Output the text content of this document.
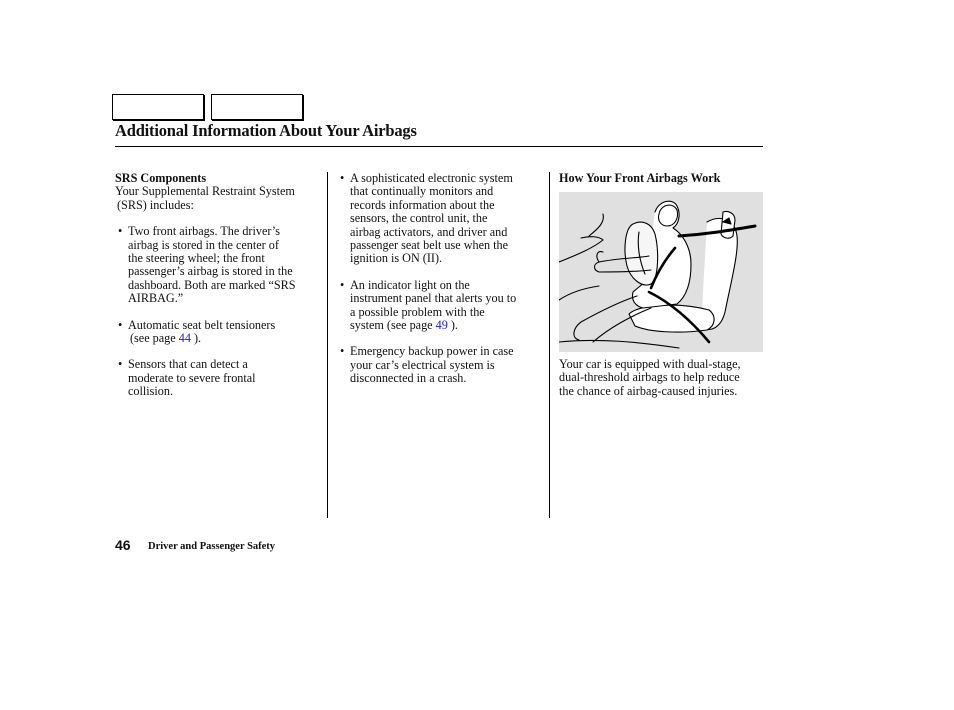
Additional Information About Your Airbags

SRS Components

Your Supplemental Restraint System

(SRS) includes:

• Two front airbags. The driver’s

airbag is stored in the center of

the steering wheel; the front

passenger’s airbag is stored in the

dashboard. Both are marked “SRS

AIRBAG.”

• Automatic seat belt tensioners

(see page 44 ).

• Sensors that can detect a

moderate to severe frontal

collision.

• A sophisticated electronic system

that continually monitors and

records information about the

sensors, the control unit, the

airbag activators, and driver and

passenger seat belt use when the

ignition is ON (II).

• An indicator light on the

instrument panel that alerts you to

a possible problem with the

system (see page 49 ).

• Emergency backup power in case

your car’s electrical system is

disconnected in a crash.

How Your Front Airbags Work

Your car is equipped with dual-stage,

dual-threshold airbags to help reduce

the chance of airbag-caused injuries.

46 Driver and Passenger Safety
